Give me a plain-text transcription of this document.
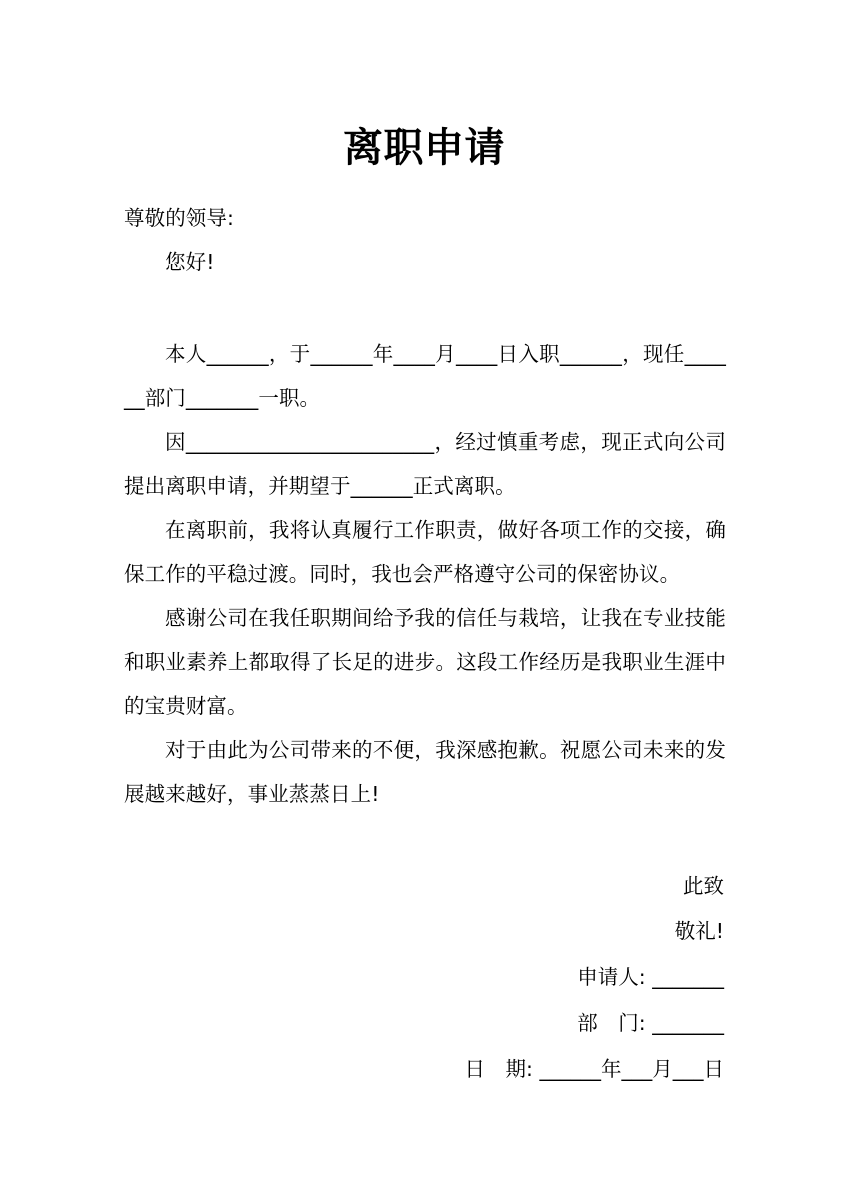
离职申请

尊敬的领导:

您好!

本人______，于______年____月____日入职______，现任______部门_______一职。

因________________________，经过慎重考虑，现正式向公司提出离职申请，并期望于______正式离职。

在离职前，我将认真履行工作职责，做好各项工作的交接，确保工作的平稳过渡。同时，我也会严格遵守公司的保密协议。

感谢公司在我任职期间给予我的信任与栽培，让我在专业技能和职业素养上都取得了长足的进步。这段工作经历是我职业生涯中的宝贵财富。

对于由此为公司带来的不便，我深感抱歉。祝愿公司未来的发展越来越好，事业蒸蒸日上!

此致

敬礼!

申请人: _______

部 门: _______

日 期: ______年___月___日
